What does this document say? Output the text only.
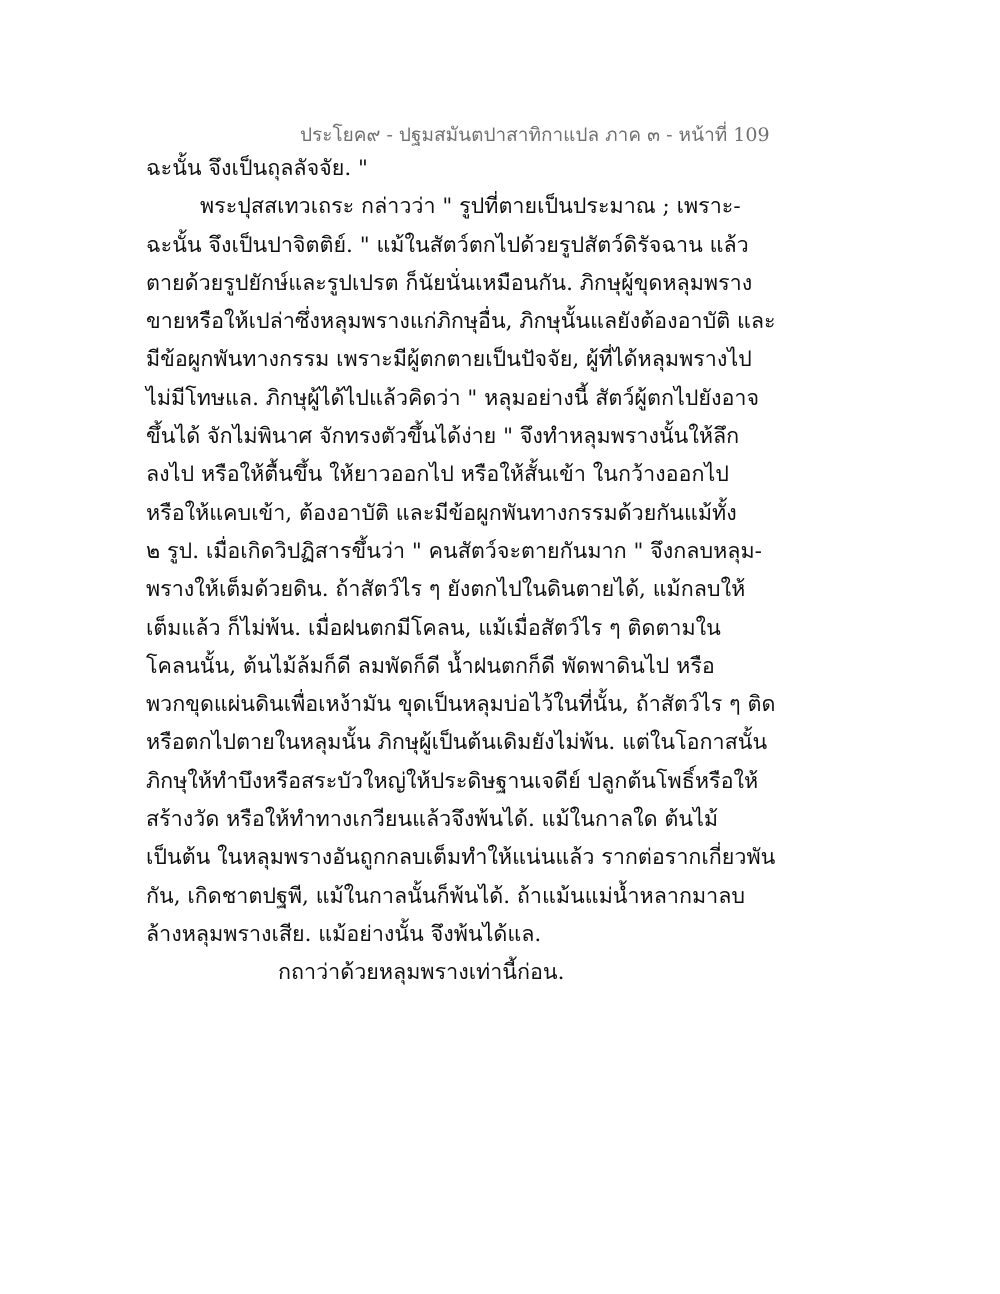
ประโยค๙ - ปฐมสมันตปาสาทิกาแปล ภาค ๓ - หน้าที่ 109
ฉะนั้น จึงเป็นถุลลัจจัย. "
พระปุสสเทวเถระ กล่าวว่า " รูปที่ตายเป็นประมาณ ; เพราะ-
ฉะนั้น จึงเป็นปาจิตติย์. " แม้ในสัตว์ตกไปด้วยรูปสัตว์ดิรัจฉาน แล้ว
ตายด้วยรูปยักษ์และรูปเปรต ก็นัยนั่นเหมือนกัน. ภิกษุผู้ขุดหลุมพราง
ขายหรือให้เปล่าซึ่งหลุมพรางแก่ภิกษุอื่น, ภิกษุนั้นแลยังต้องอาบัติ และ
มีข้อผูกพันทางกรรม เพราะมีผู้ตกตายเป็นปัจจัย, ผู้ที่ได้หลุมพรางไป
ไม่มีโทษแล. ภิกษุผู้ได้ไปแล้วคิดว่า " หลุมอย่างนี้ สัตว์ผู้ตกไปยังอาจ
ขึ้นได้ จักไม่พินาศ จักทรงตัวขึ้นได้ง่าย " จึงทำหลุมพรางนั้นให้ลึก
ลงไป หรือให้ตื้นขึ้น ให้ยาวออกไป หรือให้สั้นเข้า ในกว้างออกไป
หรือให้แคบเข้า, ต้องอาบัติ และมีข้อผูกพันทางกรรมด้วยกันแม้ทั้ง
๒ รูป. เมื่อเกิดวิปฏิสารขึ้นว่า " คนสัตว์จะตายกันมาก " จึงกลบหลุม-
พรางให้เต็มด้วยดิน. ถ้าสัตว์ไร ๆ ยังตกไปในดินตายได้, แม้กลบให้
เต็มแล้ว ก็ไม่พ้น. เมื่อฝนตกมีโคลน, แม้เมื่อสัตว์ไร ๆ ติดตามใน
โคลนนั้น, ต้นไม้ล้มก็ดี ลมพัดก็ดี น้ำฝนตกก็ดี พัดพาดินไป หรือ
พวกขุดแผ่นดินเพื่อเหง้ามัน ขุดเป็นหลุมบ่อไว้ในที่นั้น, ถ้าสัตว์ไร ๆ ติด
หรือตกไปตายในหลุมนั้น ภิกษุผู้เป็นต้นเดิมยังไม่พ้น. แต่ในโอกาสนั้น
ภิกษุให้ทำบึงหรือสระบัวใหญ่ให้ประดิษฐานเจดีย์ ปลูกต้นโพธิ์หรือให้
สร้างวัด หรือให้ทำทางเกวียนแล้วจึงพ้นได้. แม้ในกาลใด ต้นไม้
เป็นต้น ในหลุมพรางอันถูกกลบเต็มทำให้แน่นแล้ว รากต่อรากเกี่ยวพัน
กัน, เกิดชาตปฐพี, แม้ในกาลนั้นก็พ้นได้. ถ้าแม้นแม่น้ำหลากมาลบ
ล้างหลุมพรางเสีย. แม้อย่างนั้น จึงพ้นได้แล.
กถาว่าด้วยหลุมพรางเท่านี้ก่อน.
